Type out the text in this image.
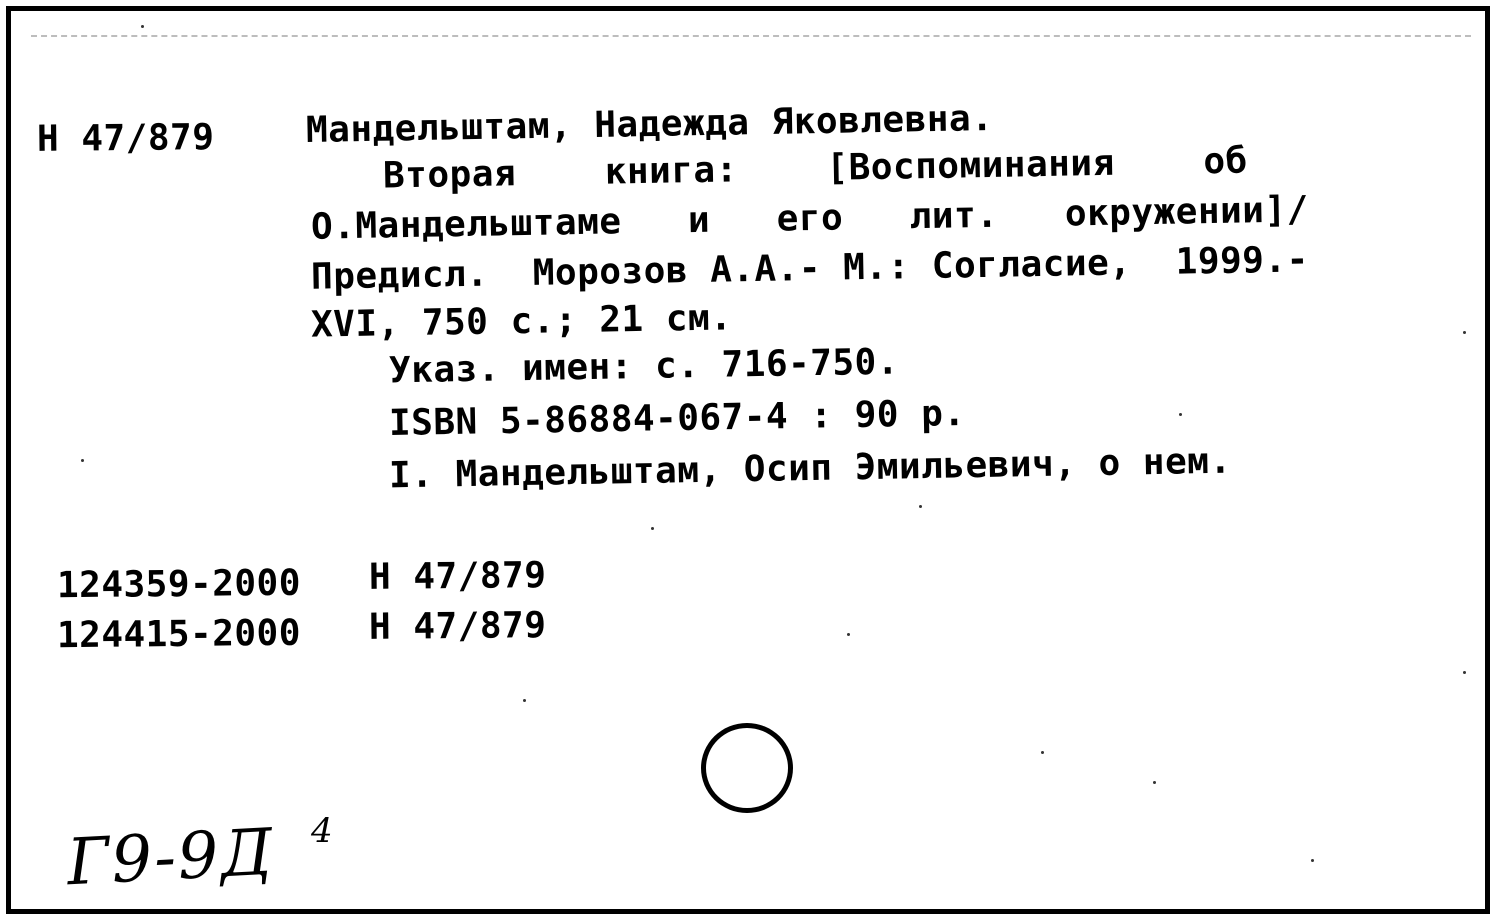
Н 47/879	Мандельштам, Надежда Яковлевна.
Вторая    книга:    [Воспоминания    об
О.Мандельштаме   и   его   лит.   окружении]/
Предисл.  Морозов А.А.- М.: Согласие,  1999.-
XVI, 750 с.; 21 см.
Указ. имен: с. 716-750.
ISBN 5-86884-067-4 : 90 р.
I. Мандельштам, Осип Эмильевич, о нем.
124359-2000 Н 47/879
124415-2000 Н 47/879
Г9-9Д 4
